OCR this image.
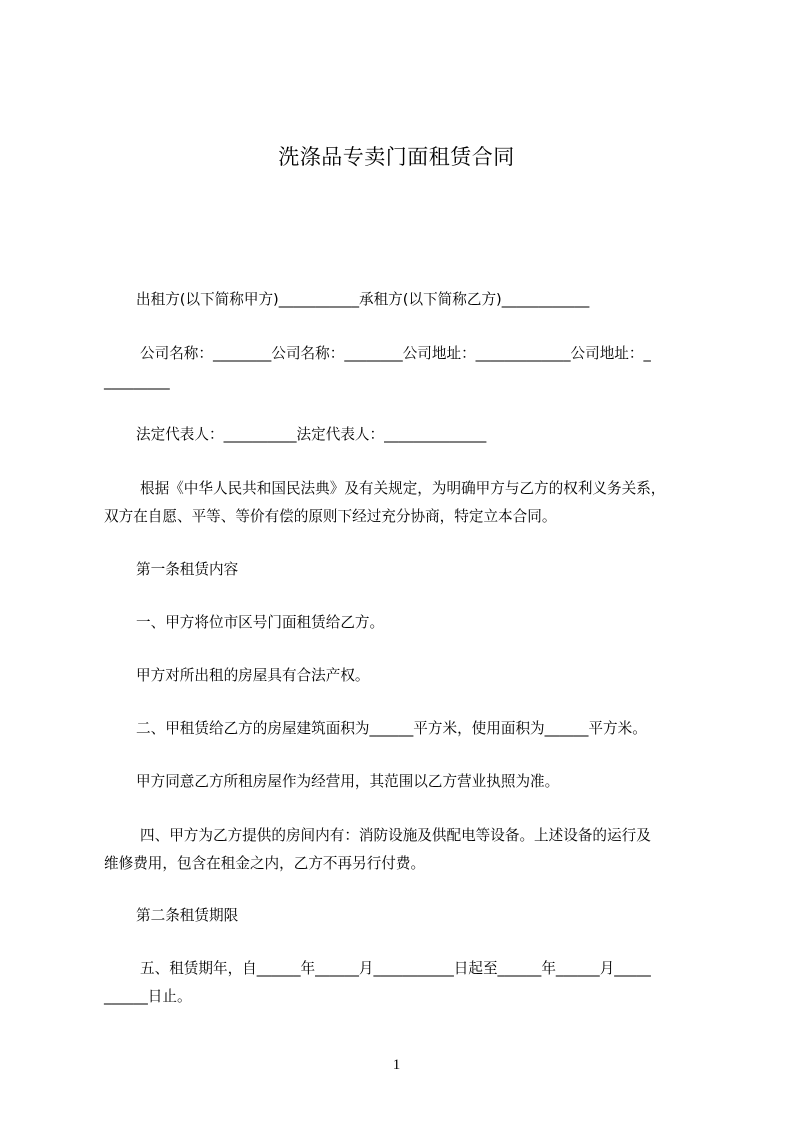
洗涤品专卖门面租赁合同
出租方(以下简称甲方)___________承租方(以下简称乙方)____________
公司名称：________公司名称：________公司地址：_____________公司地址：_
_________
法定代表人：__________法定代表人：______________
根据《中华人民共和国民法典》及有关规定，为明确甲方与乙方的权利义务关系，
双方在自愿、平等、等价有偿的原则下经过充分协商，特定立本合同。
第一条租赁内容
一、甲方将位市区号门面租赁给乙方。
甲方对所出租的房屋具有合法产权。
二、甲租赁给乙方的房屋建筑面积为______平方米，使用面积为______平方米。
甲方同意乙方所租房屋作为经营用，其范围以乙方营业执照为准。
四、甲方为乙方提供的房间内有：消防设施及供配电等设备。上述设备的运行及
维修费用，包含在租金之内，乙方不再另行付费。
第二条租赁期限
五、租赁期年，自______年______月___________日起至______年______月_____
______日止。
1
